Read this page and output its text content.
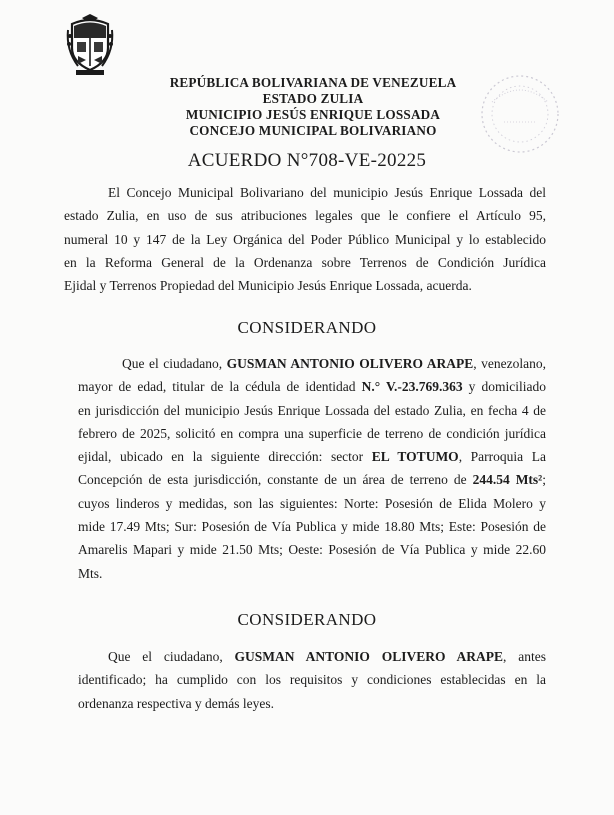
REPÚBLICA BOLIVARIANA DE VENEZUELA
ESTADO ZULIA
MUNICIPIO JESÚS ENRIQUE LOSSADA
CONCEJO MUNICIPAL BOLIVARIANO
ACUERDO N°708-VE-20225
El Concejo Municipal Bolivariano del municipio Jesús Enrique Lossada del
estado Zulia, en uso de sus atribuciones legales que le confiere el Artículo 95,
numeral 10 y 147 de la Ley Orgánica del Poder Público Municipal y lo establecido
en la Reforma General de la Ordenanza sobre Terrenos de Condición Jurídica
Ejidal y Terrenos Propiedad del Municipio Jesús Enrique Lossada, acuerda.
CONSIDERANDO
Que el ciudadano, GUSMAN ANTONIO OLIVERO ARAPE, venezolano,
mayor de edad, titular de la cédula de identidad N.° V.-23.769.363 y domiciliado
en jurisdicción del municipio Jesús Enrique Lossada del estado Zulia, en fecha 4 de
febrero de 2025, solicitó en compra una superficie de terreno de condición jurídica
ejidal, ubicado en la siguiente dirección: sector EL TOTUMO, Parroquia La
Concepción de esta jurisdicción, constante de un área de terreno de 244.54 Mts²;
cuyos linderos y medidas, son las siguientes: Norte: Posesión de Elida Molero y
mide 17.49 Mts; Sur: Posesión de Vía Publica y mide 18.80 Mts; Este: Posesión de
Amarelis Mapari y mide 21.50 Mts; Oeste: Posesión de Vía Publica y mide 22.60
Mts.
CONSIDERANDO
Que el ciudadano, GUSMAN ANTONIO OLIVERO ARAPE, antes
identificado; ha cumplido con los requisitos y condiciones establecidas en la
ordenanza respectiva y demás leyes.
